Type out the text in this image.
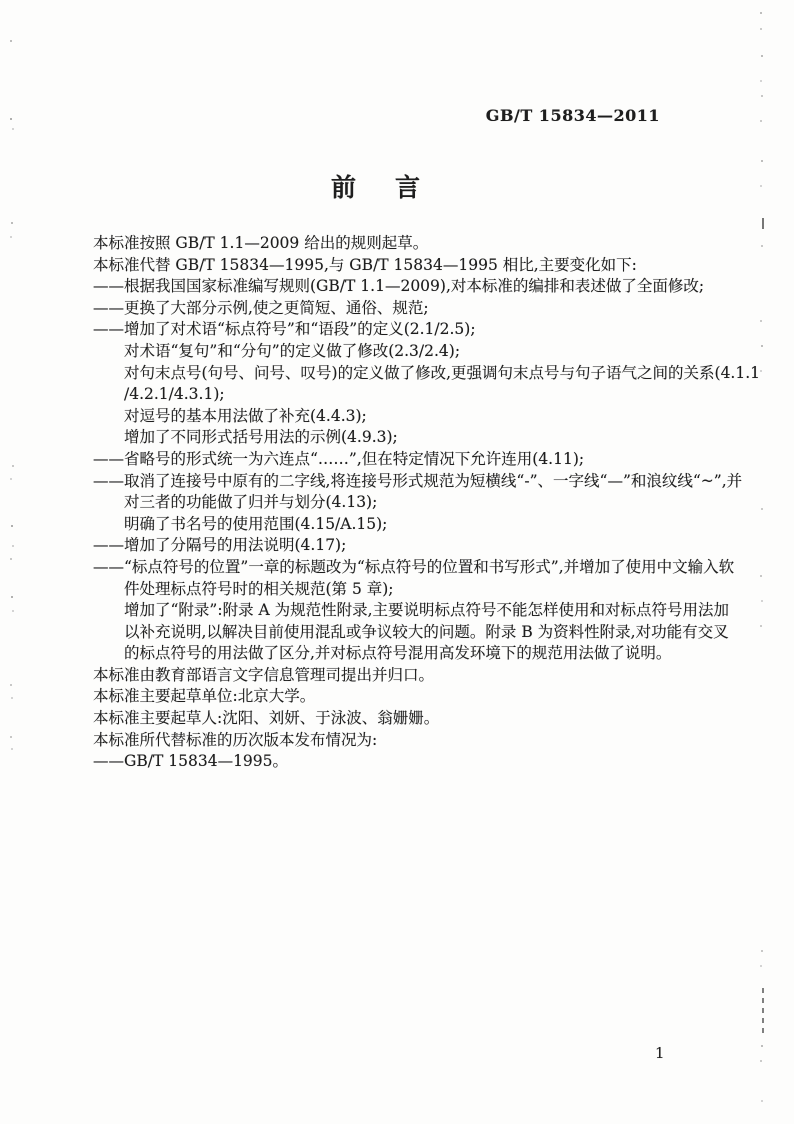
GB/T 15834—2011
前　言
本标准按照 GB/T 1.1—2009 给出的规则起草。
本标准代替 GB/T 15834—1995,与 GB/T 15834—1995 相比,主要变化如下:
——根据我国国家标准编写规则(GB/T 1.1—2009),对本标准的编排和表述做了全面修改;
——更换了大部分示例,使之更简短、通俗、规范;
——增加了对术语“标点符号”和“语段”的定义(2.1/2.5);
对术语“复句”和“分句”的定义做了修改(2.3/2.4);
对句末点号(句号、问号、叹号)的定义做了修改,更强调句末点号与句子语气之间的关系(4.1.1
/4.2.1/4.3.1);
对逗号的基本用法做了补充(4.4.3);
增加了不同形式括号用法的示例(4.9.3);
——省略号的形式统一为六连点“……”,但在特定情况下允许连用(4.11);
——取消了连接号中原有的二字线,将连接号形式规范为短横线“-”、一字线“—”和浪纹线“~”,并
对三者的功能做了归并与划分(4.13);
明确了书名号的使用范围(4.15/A.15);
——增加了分隔号的用法说明(4.17);
——“标点符号的位置”一章的标题改为“标点符号的位置和书写形式”,并增加了使用中文输入软
件处理标点符号时的相关规范(第 5 章);
增加了“附录”:附录 A 为规范性附录,主要说明标点符号不能怎样使用和对标点符号用法加
以补充说明,以解决目前使用混乱或争议较大的问题。附录 B 为资料性附录,对功能有交叉
的标点符号的用法做了区分,并对标点符号混用高发环境下的规范用法做了说明。
本标准由教育部语言文字信息管理司提出并归口。
本标准主要起草单位:北京大学。
本标准主要起草人:沈阳、刘妍、于泳波、翁姗姗。
本标准所代替标准的历次版本发布情况为:
——GB/T 15834—1995。
1
